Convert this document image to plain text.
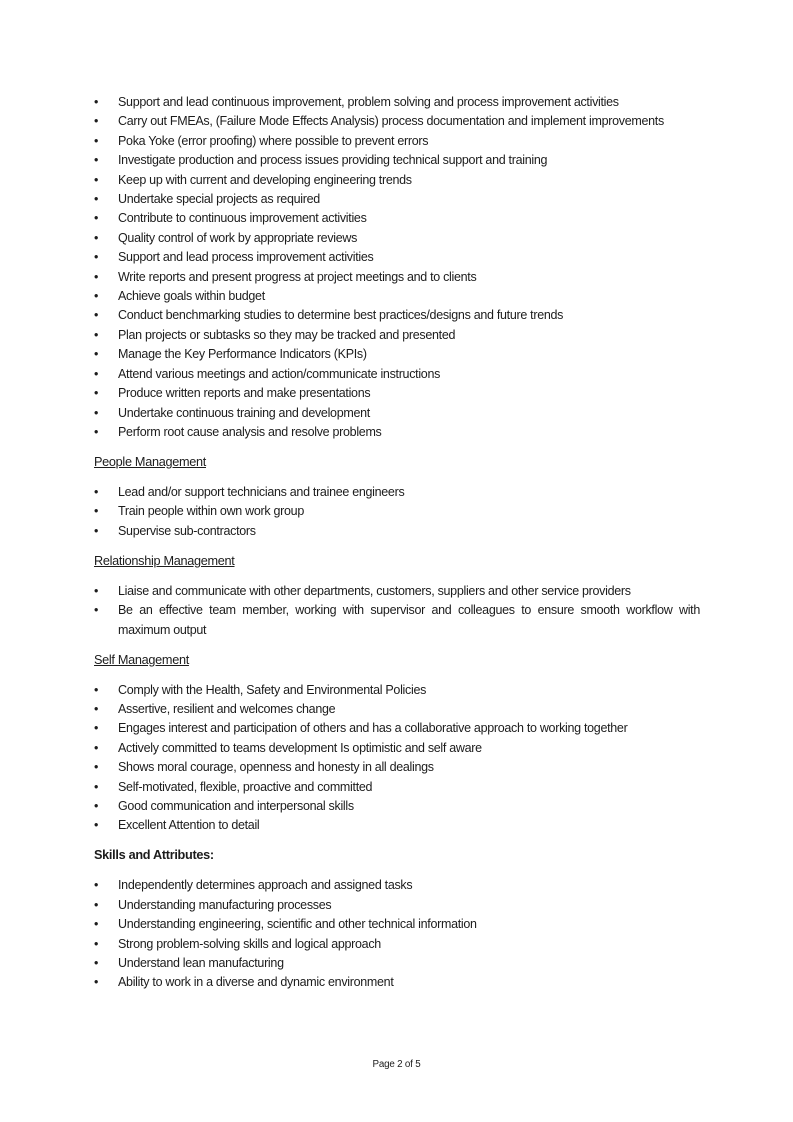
•	Support and lead continuous improvement, problem solving and process improvement activities
•	Carry out FMEAs, (Failure Mode Effects Analysis) process documentation and implement improvements
•	Poka Yoke (error proofing) where possible to prevent errors
•	Investigate production and process issues providing technical support and training
•	Keep up with current and developing engineering trends
•	Undertake special projects as required
•	Contribute to continuous improvement activities
•	Quality control of work by appropriate reviews
•	Support and lead process improvement activities
•	Write reports and present progress at project meetings and to clients
•	Achieve goals within budget
•	Conduct benchmarking studies to determine best practices/designs and future trends
•	Plan projects or subtasks so they may be tracked and presented
•	Manage the Key Performance Indicators (KPIs)
•	Attend various meetings and action/communicate instructions
•	Produce written reports and make presentations
•	Undertake continuous training and development
•	Perform root cause analysis and resolve problems
People Management
•	Lead and/or support technicians and trainee engineers
•	Train people within own work group
•	Supervise sub-contractors
Relationship Management
•	Liaise and communicate with other departments, customers, suppliers and other service providers
•	Be an effective team member, working with supervisor and colleagues to ensure smooth workflow with maximum output
Self Management
•	Comply with the Health, Safety and Environmental Policies
•	Assertive, resilient and welcomes change
•	Engages interest and participation of others and has a collaborative approach to working together
•	Actively committed to teams development Is optimistic and self aware
•	Shows moral courage, openness and honesty in all dealings
•	Self-motivated, flexible, proactive and committed
•	Good communication and interpersonal skills
•	Excellent Attention to detail
Skills and Attributes:
•	Independently determines approach and assigned tasks
•	Understanding manufacturing processes
•	Understanding engineering, scientific and other technical information
•	Strong problem-solving skills and logical approach
•	Understand lean manufacturing
•	Ability to work in a diverse and dynamic environment
Page 2 of 5
